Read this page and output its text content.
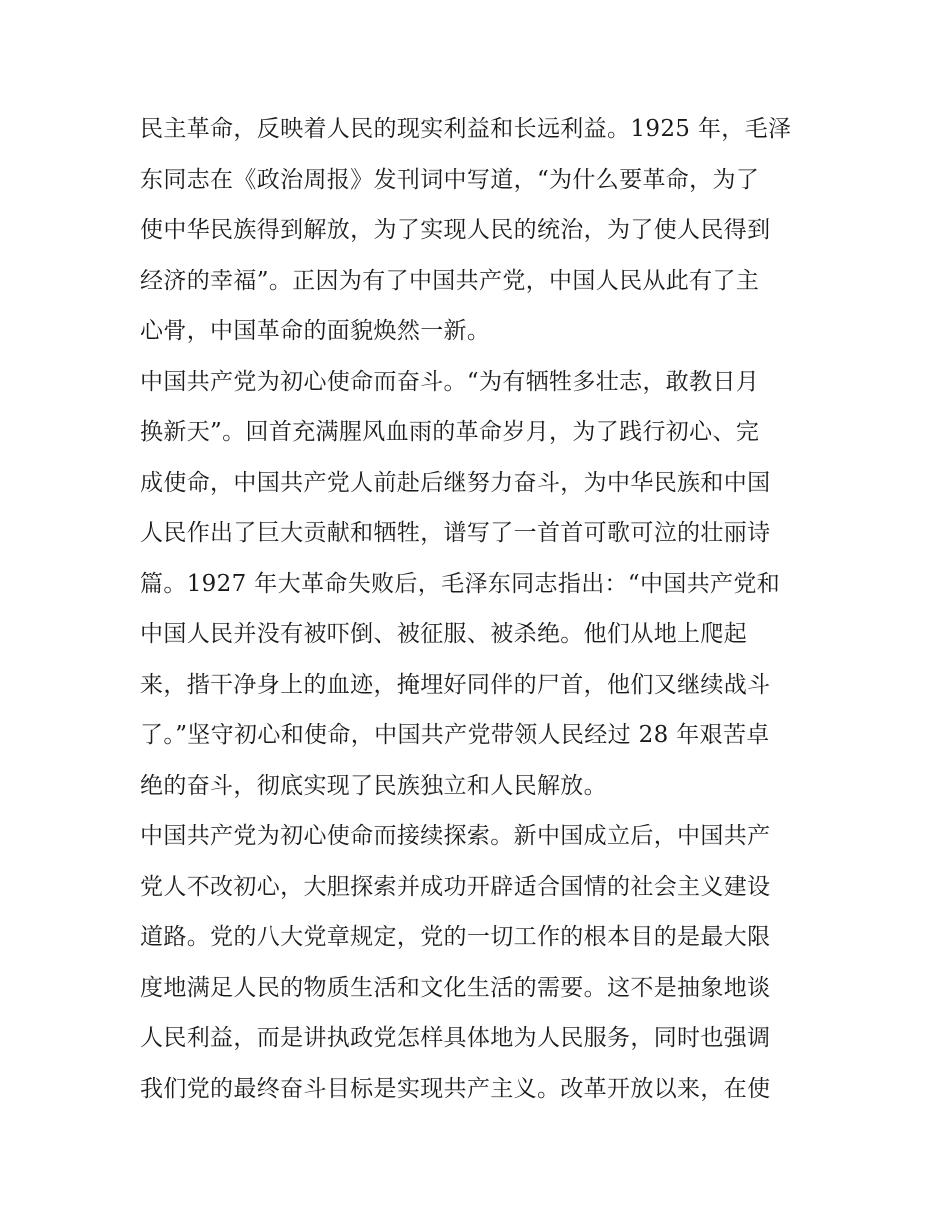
民主革命，反映着人民的现实利益和长远利益。1925 年，毛泽
东同志在《政治周报》发刊词中写道，“为什么要革命，为了
使中华民族得到解放，为了实现人民的统治，为了使人民得到
经济的幸福”。正因为有了中国共产党，中国人民从此有了主
心骨，中国革命的面貌焕然一新。
中国共产党为初心使命而奋斗。“为有牺牲多壮志，敢教日月
换新天”。回首充满腥风血雨的革命岁月，为了践行初心、完
成使命，中国共产党人前赴后继努力奋斗，为中华民族和中国
人民作出了巨大贡献和牺牲，谱写了一首首可歌可泣的壮丽诗
篇。1927 年大革命失败后，毛泽东同志指出：“中国共产党和
中国人民并没有被吓倒、被征服、被杀绝。他们从地上爬起
来，揩干净身上的血迹，掩埋好同伴的尸首，他们又继续战斗
了。”坚守初心和使命，中国共产党带领人民经过 28 年艰苦卓
绝的奋斗，彻底实现了民族独立和人民解放。
中国共产党为初心使命而接续探索。新中国成立后，中国共产
党人不改初心，大胆探索并成功开辟适合国情的社会主义建设
道路。党的八大党章规定，党的一切工作的根本目的是最大限
度地满足人民的物质生活和文化生活的需要。这不是抽象地谈
人民利益，而是讲执政党怎样具体地为人民服务，同时也强调
我们党的最终奋斗目标是实现共产主义。改革开放以来，在使
